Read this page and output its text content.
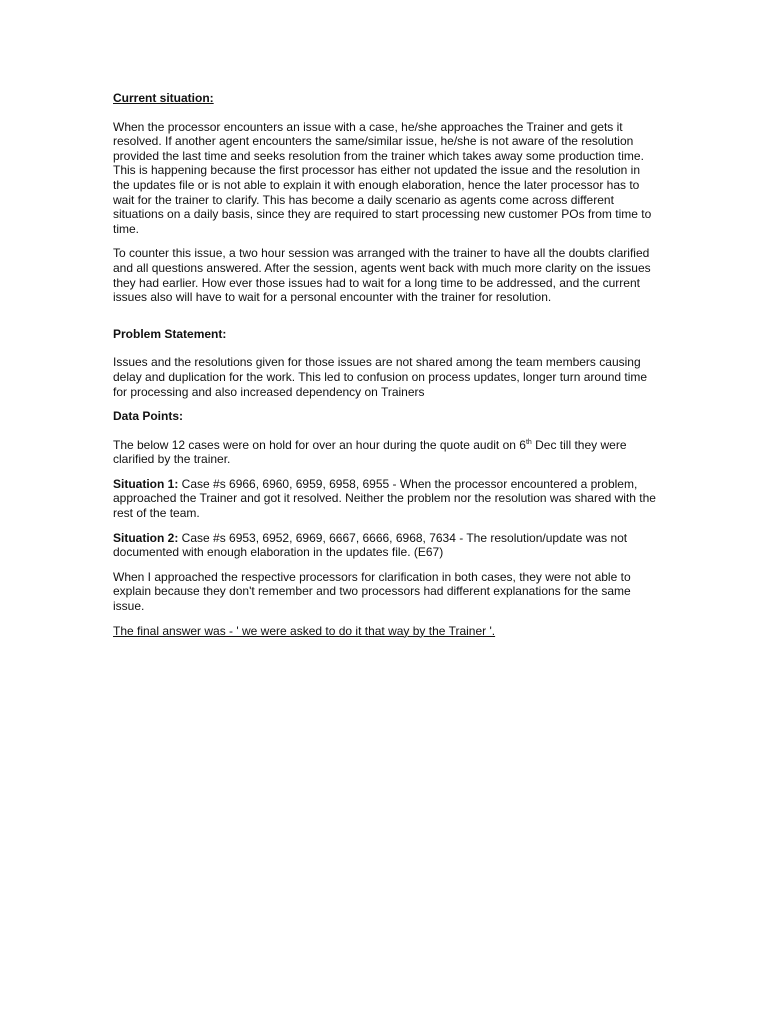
Current situation:

When the processor encounters an issue with a case, he/she approaches the Trainer and gets it resolved. If another agent encounters the same/similar issue, he/she is not aware of the resolution provided the last time and seeks resolution from the trainer which takes away some production time. This is happening because the first processor has either not updated the issue and the resolution in the updates file or is not able to explain it with enough elaboration, hence the later processor has to wait for the trainer to clarify. This has become a daily scenario as agents come across different situations on a daily basis, since they are required to start processing new customer POs from time to time.

To counter this issue, a two hour session was arranged with the trainer to have all the doubts clarified and all questions answered. After the session, agents went back with much more clarity on the issues they had earlier. How ever those issues had to wait for a long time to be addressed, and the current issues also will have to wait for a personal encounter with the trainer for resolution.

Problem Statement:

Issues and the resolutions given for those issues are not shared among the team members causing delay and duplication for the work. This led to confusion on process updates, longer turn around time for processing and also increased dependency on Trainers

Data Points:

The below 12 cases were on hold for over an hour during the quote audit on 6th Dec till they were clarified by the trainer.

Situation 1: Case #s 6966, 6960, 6959, 6958, 6955 - When the processor encountered a problem, approached the Trainer and got it resolved. Neither the problem nor the resolution was shared with the rest of the team.

Situation 2: Case #s 6953, 6952, 6969, 6667, 6666, 6968, 7634 - The resolution/update was not documented with enough elaboration in the updates file. (E67)

When I approached the respective processors for clarification in both cases, they were not able to explain because they don't remember and two processors had different explanations for the same issue.

The final answer was - ' we were asked to do it that way by the Trainer '.
